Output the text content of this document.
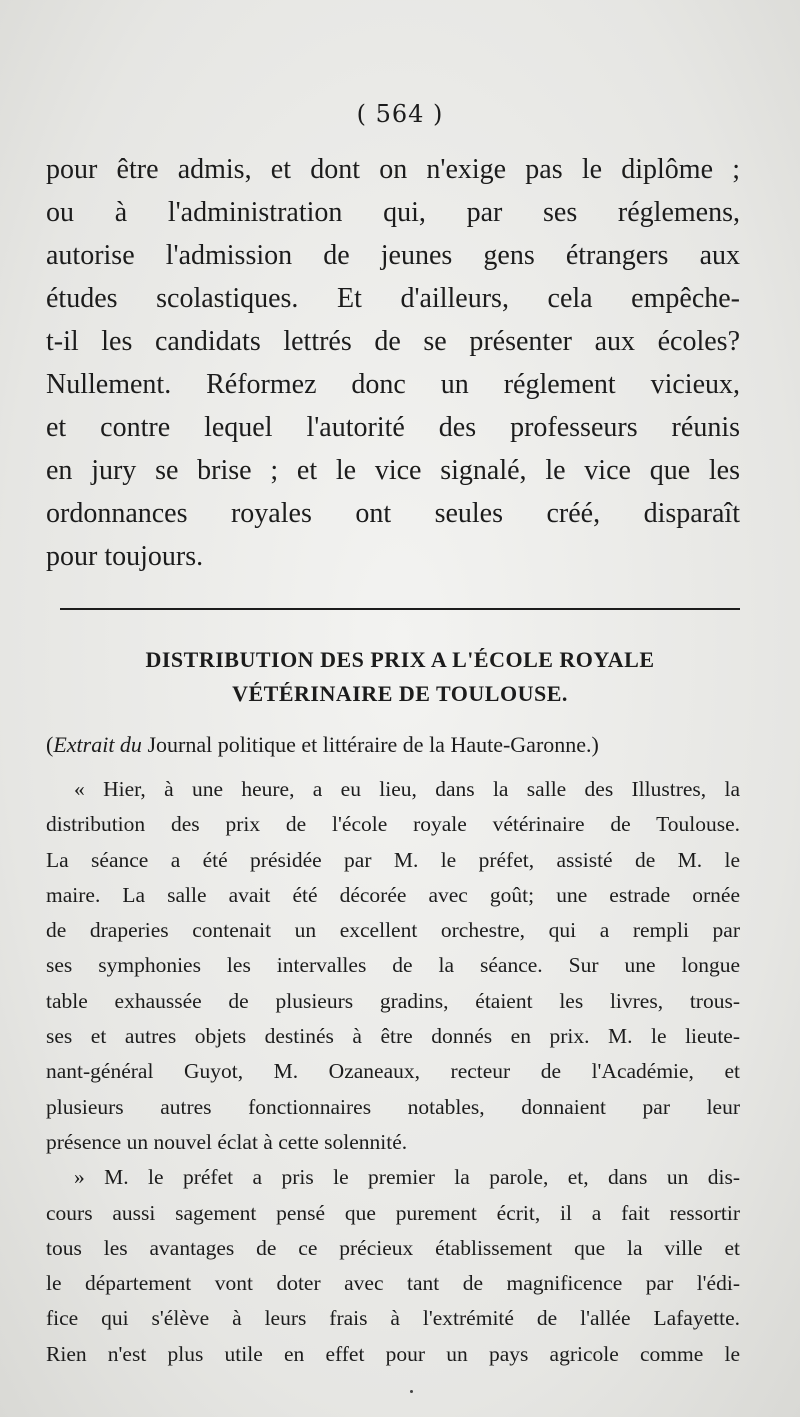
( 564 )
pour être admis, et dont on n'exige pas le diplôme ;
ou à l'administration qui, par ses réglemens,
autorise l'admission de jeunes gens étrangers aux
études scolastiques. Et d'ailleurs, cela empêche-
t-il les candidats lettrés de se présenter aux écoles?
Nullement. Réformez donc un réglement vicieux,
et contre lequel l'autorité des professeurs réunis
en jury se brise ; et le vice signalé, le vice que les
ordonnances royales ont seules créé, disparaît
pour toujours.
DISTRIBUTION DES PRIX A L'ÉCOLE ROYALE
VÉTÉRINAIRE DE TOULOUSE.
(Extrait du Journal politique et littéraire de la Haute-Garonne.)
« Hier, à une heure, a eu lieu, dans la salle des Illustres, la
distribution des prix de l'école royale vétérinaire de Toulouse.
La séance a été présidée par M. le préfet, assisté de M. le
maire. La salle avait été décorée avec goût; une estrade ornée
de draperies contenait un excellent orchestre, qui a rempli par
ses symphonies les intervalles de la séance. Sur une longue
table exhaussée de plusieurs gradins, étaient les livres, trous-
ses et autres objets destinés à être donnés en prix. M. le lieute-
nant-général Guyot, M. Ozaneaux, recteur de l'Académie, et
plusieurs autres fonctionnaires notables, donnaient par leur
présence un nouvel éclat à cette solennité.
» M. le préfet a pris le premier la parole, et, dans un dis-
cours aussi sagement pensé que purement écrit, il a fait ressortir
tous les avantages de ce précieux établissement que la ville et
le département vont doter avec tant de magnificence par l'édi-
fice qui s'élève à leurs frais à l'extrémité de l'allée Lafayette.
Rien n'est plus utile en effet pour un pays agricole comme le
